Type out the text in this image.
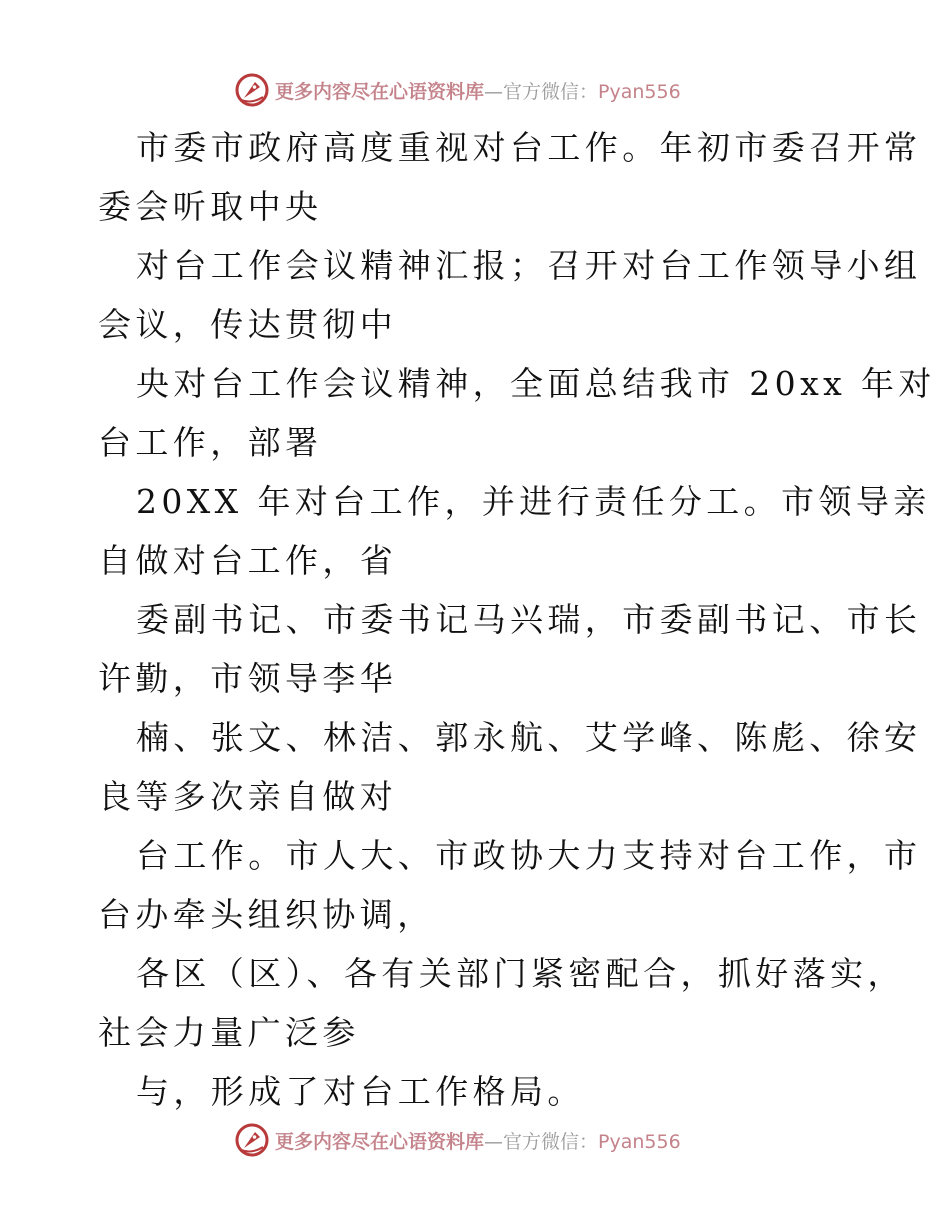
更多内容尽在心语资料库 — 官方微信： Pyan556
市委市政府高度重视对台工作。年初市委召开常
委会听取中央
对台工作会议精神汇报；召开对台工作领导小组
会议，传达贯彻中
央对台工作会议精神，全面总结我市 20xx 年对
台工作，部署
20XX 年对台工作，并进行责任分工。市领导亲
自做对台工作，省
委副书记、市委书记马兴瑞，市委副书记、市长
许勤，市领导李华
楠、张文、林洁、郭永航、艾学峰、陈彪、徐安
良等多次亲自做对
台工作。市人大、市政协大力支持对台工作，市
台办牵头组织协调，
各区（区）、各有关部门紧密配合，抓好落实，
社会力量广泛参
与，形成了对台工作格局。
更多内容尽在心语资料库 — 官方微信： Pyan556
